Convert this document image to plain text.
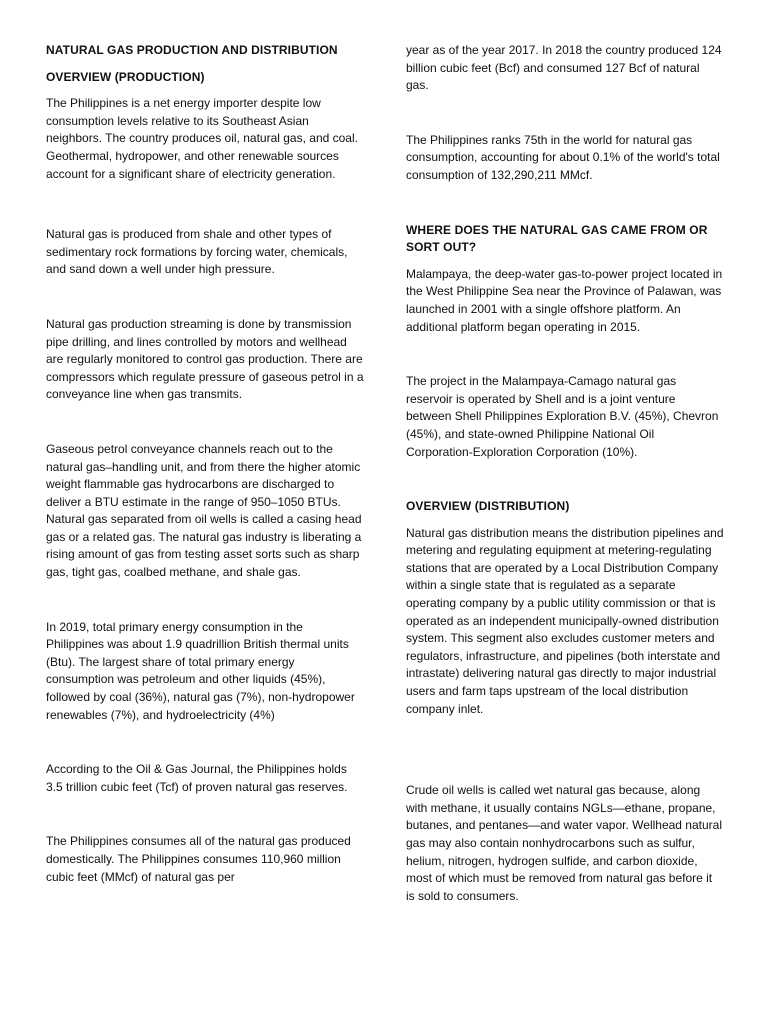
NATURAL GAS PRODUCTION AND DISTRIBUTION

OVERVIEW (PRODUCTION)

The Philippines is a net energy importer despite low consumption levels relative to its Southeast Asian neighbors. The country produces oil, natural gas, and coal. Geothermal, hydropower, and other renewable sources account for a significant share of electricity generation.

Natural gas is produced from shale and other types of sedimentary rock formations by forcing water, chemicals, and sand down a well under high pressure.

Natural gas production streaming is done by transmission pipe drilling, and lines controlled by motors and wellhead are regularly monitored to control gas production. There are compressors which regulate pressure of gaseous petrol in a conveyance line when gas transmits.

Gaseous petrol conveyance channels reach out to the natural gas–handling unit, and from there the higher atomic weight flammable gas hydrocarbons are discharged to deliver a BTU estimate in the range of 950–1050 BTUs. Natural gas separated from oil wells is called a casing head gas or a related gas. The natural gas industry is liberating a rising amount of gas from testing asset sorts such as sharp gas, tight gas, coalbed methane, and shale gas.

In 2019, total primary energy consumption in the Philippines was about 1.9 quadrillion British thermal units (Btu). The largest share of total primary energy consumption was petroleum and other liquids (45%), followed by coal (36%), natural gas (7%), non-hydropower renewables (7%), and hydroelectricity (4%)

According to the Oil & Gas Journal, the Philippines holds 3.5 trillion cubic feet (Tcf) of proven natural gas reserves.

The Philippines consumes all of the natural gas produced domestically. The Philippines consumes 110,960 million cubic feet (MMcf) of natural gas per

year as of the year 2017. In 2018 the country produced 124 billion cubic feet (Bcf) and consumed 127 Bcf of natural gas.

The Philippines ranks 75th in the world for natural gas consumption, accounting for about 0.1% of the world's total consumption of 132,290,211 MMcf.

WHERE DOES THE NATURAL GAS CAME FROM OR SORT OUT?

Malampaya, the deep-water gas-to-power project located in the West Philippine Sea near the Province of Palawan, was launched in 2001 with a single offshore platform. An additional platform began operating in 2015.

The project in the Malampaya-Camago natural gas reservoir is operated by Shell and is a joint venture between Shell Philippines Exploration B.V. (45%), Chevron (45%), and state-owned Philippine National Oil Corporation-Exploration Corporation (10%).

OVERVIEW (DISTRIBUTION)

Natural gas distribution means the distribution pipelines and metering and regulating equipment at metering-regulating stations that are operated by a Local Distribution Company within a single state that is regulated as a separate operating company by a public utility commission or that is operated as an independent municipally-owned distribution system. This segment also excludes customer meters and regulators, infrastructure, and pipelines (both interstate and intrastate) delivering natural gas directly to major industrial users and farm taps upstream of the local distribution company inlet.

Crude oil wells is called wet natural gas because, along with methane, it usually contains NGLs—ethane, propane, butanes, and pentanes—and water vapor. Wellhead natural gas may also contain nonhydrocarbons such as sulfur, helium, nitrogen, hydrogen sulfide, and carbon dioxide, most of which must be removed from natural gas before it is sold to consumers.
